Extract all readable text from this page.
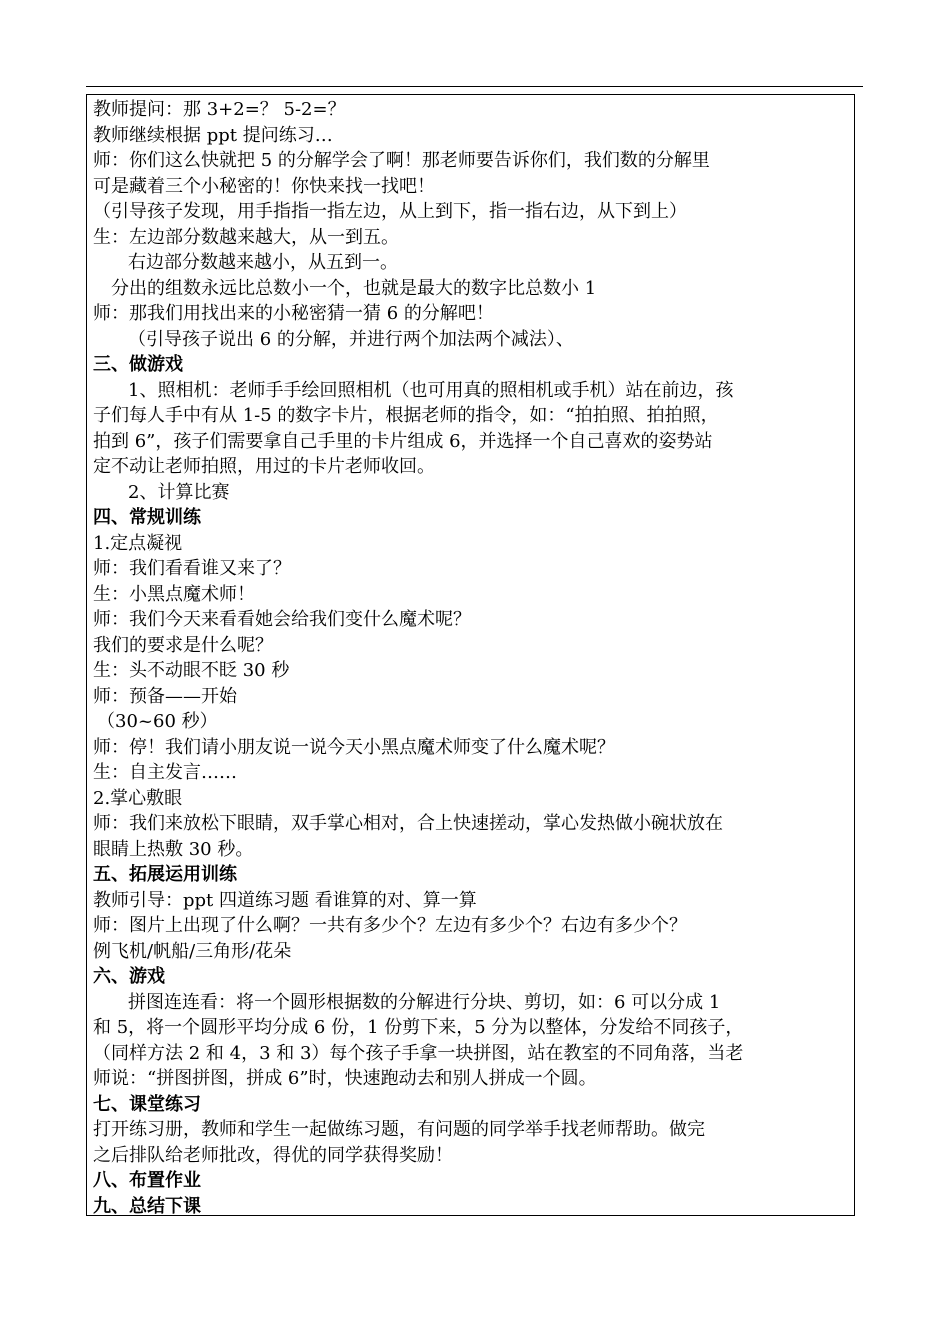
教师提问：那 3+2=？ 5-2=？
教师继续根据 ppt 提问练习…
师：你们这么快就把 5 的分解学会了啊！那老师要告诉你们，我们数的分解里
可是藏着三个小秘密的！你快来找一找吧！
（引导孩子发现，用手指指一指左边，从上到下，指一指右边，从下到上）
生：左边部分数越来越大，从一到五。
右边部分数越来越小，从五到一。
分出的组数永远比总数小一个，也就是最大的数字比总数小 1
师：那我们用找出来的小秘密猜一猜 6 的分解吧！
（引导孩子说出 6 的分解，并进行两个加法两个减法）、
三、做游戏
1、照相机：老师手手绘回照相机（也可用真的照相机或手机）站在前边，孩
子们每人手中有从 1-5 的数字卡片，根据老师的指令，如：“拍拍照、拍拍照，
拍到 6”，孩子们需要拿自己手里的卡片组成 6，并选择一个自己喜欢的姿势站
定不动让老师拍照，用过的卡片老师收回。
2、计算比赛
四、常规训练
1.定点凝视
师：我们看看谁又来了？
生：小黑点魔术师！
师：我们今天来看看她会给我们变什么魔术呢？
我们的要求是什么呢？
生：头不动眼不眨 30 秒
师：预备——开始
（30~60 秒）
师：停！我们请小朋友说一说今天小黑点魔术师变了什么魔术呢？
生：自主发言……
2.掌心敷眼
师：我们来放松下眼睛，双手掌心相对，合上快速搓动，掌心发热做小碗状放在
眼睛上热敷 30 秒。
五、拓展运用训练
教师引导：ppt 四道练习题 看谁算的对、算一算
师：图片上出现了什么啊？一共有多少个？左边有多少个？右边有多少个？
例飞机/帆船/三角形/花朵
六、游戏
拼图连连看：将一个圆形根据数的分解进行分块、剪切，如：6 可以分成 1
和 5，将一个圆形平均分成 6 份，1 份剪下来，5 分为以整体，分发给不同孩子，
（同样方法 2 和 4，3 和 3）每个孩子手拿一块拼图，站在教室的不同角落，当老
师说：“拼图拼图，拼成 6”时，快速跑动去和别人拼成一个圆。
七、课堂练习
打开练习册，教师和学生一起做练习题，有问题的同学举手找老师帮助。做完
之后排队给老师批改，得优的同学获得奖励！
八、布置作业
九、总结下课
